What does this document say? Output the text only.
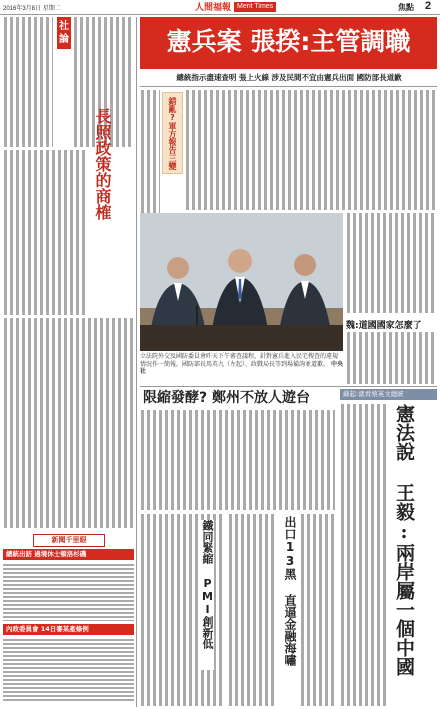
2016年3月8日 星期二	人間福報 Merit Times	焦點 2
社
論
長照政策的商榷
新聞千里眼
總統出訪 過境休士頓洛杉磯
內政委員會 14日審某產條例
憲兵案 張揆:主管調職
總統指示盡速查明 張上火線 涉及民間不宜由憲兵出面 國防部長道歉
錯亂?軍方報告三變
立法院外交及國防委員會昨天下午審查議程，針對憲兵進入民宅搜查的違規情況作一簡報，國防部長馬英九（左起）、政戰局長等到場備詢並道歉。 中央社
魏:道國國家怎麼了
限縮發酵? 鄭州不放人遊台	蘇起:就看蔡英文總統
憲法說 王毅:兩岸屬一個中國
鐵同緊縮 PMI創新低	出口13黑 直逼金融海嘯
